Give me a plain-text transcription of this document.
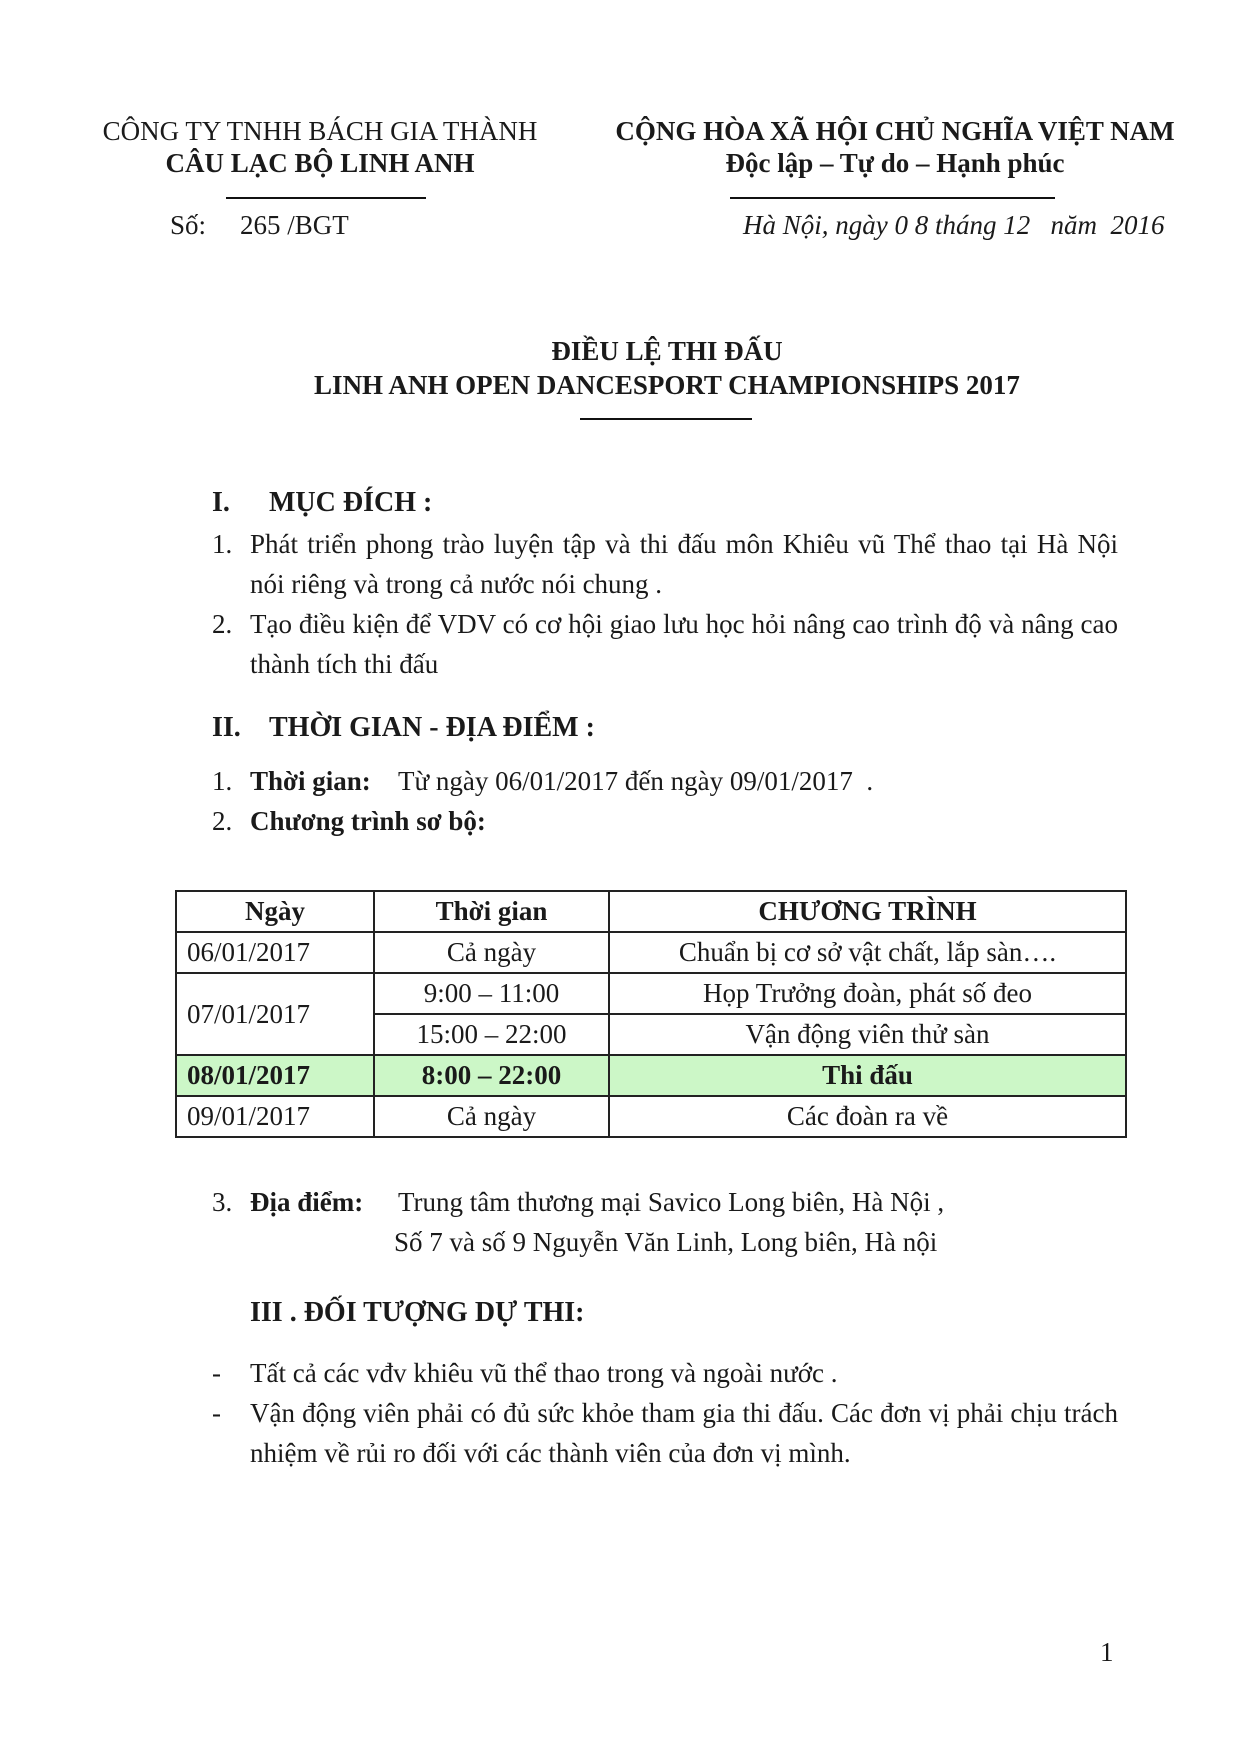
CÔNG TY TNHH BÁCH GIA THÀNH
CÂU LẠC BỘ LINH ANH
Số: 265 /BGT
CỘNG HÒA XÃ HỘI CHỦ NGHĨA VIỆT NAM
Độc lập – Tự do – Hạnh phúc
Hà Nội, ngày 0 8 tháng 12   năm  2016
ĐIỀU LỆ THI ĐẤU
LINH ANH OPEN DANCESPORT CHAMPIONSHIPS 2017
I. MỤC ĐÍCH :
1. Phát triển phong trào luyện tập và thi đấu môn Khiêu vũ Thể thao tại Hà Nội nói riêng và trong cả nước nói chung .
2. Tạo điều kiện để VDV có cơ hội giao lưu học hỏi nâng cao trình độ và nâng cao thành tích thi đấu
II. THỜI GIAN - ĐỊA ĐIỂM :
1. Thời gian: Từ ngày 06/01/2017 đến ngày 09/01/2017  .
2. Chương trình sơ bộ:
Ngày	Thời gian	CHƯƠNG TRÌNH
06/01/2017	Cả ngày	Chuẩn bị cơ sở vật chất, lắp sàn….
07/01/2017	9:00 – 11:00	Họp Trưởng đoàn, phát số đeo
	15:00 – 22:00	Vận động viên thử sàn
08/01/2017	8:00 – 22:00	Thi đấu
09/01/2017	Cả ngày	Các đoàn ra về
3. Địa điểm: Trung tâm thương mại Savico Long biên, Hà Nội ,
Số 7 và số 9 Nguyễn Văn Linh, Long biên, Hà nội
III . ĐỐI TƯỢNG DỰ THI:
- Tất cả các vđv khiêu vũ thể thao trong và ngoài nước .
- Vận động viên phải có đủ sức khỏe tham gia thi đấu. Các đơn vị phải chịu trách nhiệm về rủi ro đối với các thành viên của đơn vị mình.
1
